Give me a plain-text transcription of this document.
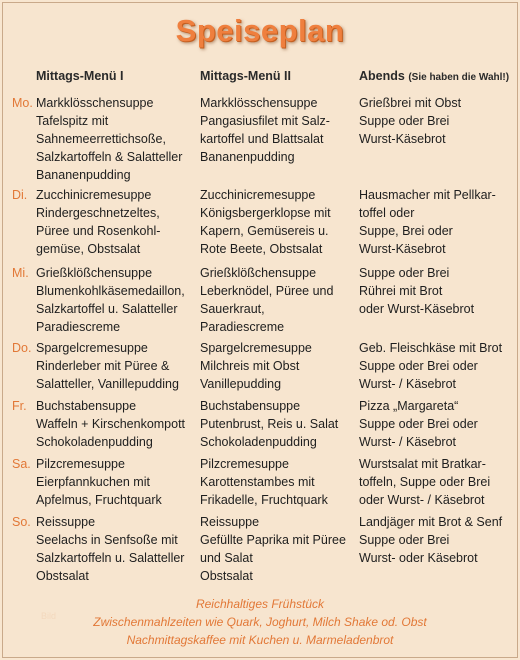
Speiseplan
Mittags-Menü I	Mittags-Menü II	Abends (Sie haben die Wahl!)
Mo. Markklösschensuppe
Tafelspitz mit
Sahnemeerrettichsoße,
Salzkartoffeln & Salatteller
Bananenpudding
Markklösschensuppe
Pangasiusfilet mit Salz-
kartoffel und Blattsalat
Bananenpudding
Grießbrei mit Obst
Suppe oder Brei
Wurst-Käsebrot
Di. Zucchinicremesuppe
Rindergeschnetzeltes,
Püree und Rosenkohl-
gemüse, Obstsalat
Zucchinicremesuppe
Königsbergerklopse mit
Kapern, Gemüsereis u.
Rote Beete, Obstsalat
Hausmacher mit Pellkar-
toffel oder
Suppe, Brei oder
Wurst-Käsebrot
Mi. Grießklößchensuppe
Blumenkohlkäsemedaillon,
Salzkartoffel u. Salatteller
Paradiescreme
Grießklößchensuppe
Leberknödel, Püree und
Sauerkraut,
Paradiescreme
Suppe oder Brei
Rührei mit Brot
oder Wurst-Käsebrot
Do. Spargelcremesuppe
Rinderleber mit Püree &
Salatteller, Vanillepudding
Spargelcremesuppe
Milchreis mit Obst
Vanillepudding
Geb. Fleischkäse mit Brot
Suppe oder Brei oder
Wurst- / Käsebrot
Fr. Buchstabensuppe
Waffeln + Kirschenkompott
Schokoladenpudding
Buchstabensuppe
Putenbrust, Reis u. Salat
Schokoladenpudding
Pizza „Margareta“
Suppe oder Brei oder
Wurst- / Käsebrot
Sa. Pilzcremesuppe
Eierpfannkuchen mit
Apfelmus, Fruchtquark
Pilzcremesuppe
Karottenstambes mit
Frikadelle, Fruchtquark
Wurstsalat mit Bratkar-
toffeln, Suppe oder Brei
oder Wurst- / Käsebrot
So. Reissuppe
Seelachs in Senfsoße mit
Salzkartoffeln u. Salatteller
Obstsalat
Reissuppe
Gefüllte Paprika mit Püree
und Salat
Obstsalat
Landjäger mit Brot & Senf
Suppe oder Brei
Wurst- oder Käsebrot
Bild
Reichhaltiges Frühstück
Zwischenmahlzeiten wie Quark, Joghurt, Milch Shake od. Obst
Nachmittagskaffee mit Kuchen u. Marmeladenbrot
